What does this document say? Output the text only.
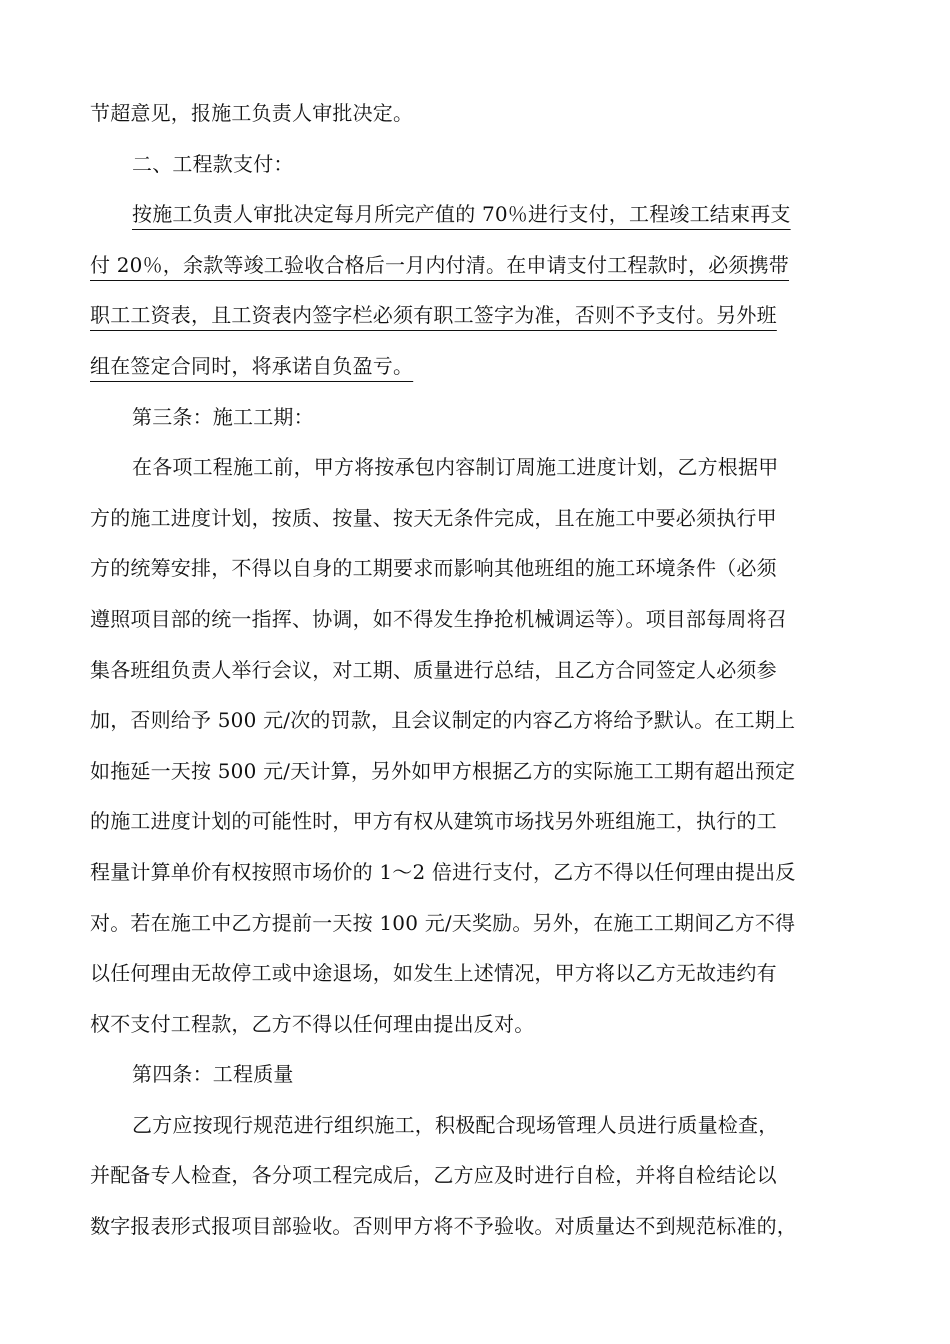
节超意见，报施工负责人审批决定。
二、工程款支付：
按施工负责人审批决定每月所完产值的 70％进行支付，工程竣工结束再支
付 20％，余款等竣工验收合格后一月内付清。在申请支付工程款时，必须携带
职工工资表，且工资表内签字栏必须有职工签字为准，否则不予支付。另外班
组在签定合同时，将承诺自负盈亏。
第三条：施工工期：
在各项工程施工前，甲方将按承包内容制订周施工进度计划，乙方根据甲
方的施工进度计划，按质、按量、按天无条件完成，且在施工中要必须执行甲
方的统筹安排，不得以自身的工期要求而影响其他班组的施工环境条件（必须
遵照项目部的统一指挥、协调，如不得发生挣抢机械调运等）。项目部每周将召
集各班组负责人举行会议，对工期、质量进行总结，且乙方合同签定人必须参
加，否则给予 500 元/次的罚款，且会议制定的内容乙方将给予默认。在工期上
如拖延一天按 500 元/天计算，另外如甲方根据乙方的实际施工工期有超出预定
的施工进度计划的可能性时，甲方有权从建筑市场找另外班组施工，执行的工
程量计算单价有权按照市场价的 1～2 倍进行支付，乙方不得以任何理由提出反
对。若在施工中乙方提前一天按 100 元/天奖励。另外，在施工工期间乙方不得
以任何理由无故停工或中途退场，如发生上述情况，甲方将以乙方无故违约有
权不支付工程款，乙方不得以任何理由提出反对。
第四条：工程质量
乙方应按现行规范进行组织施工，积极配合现场管理人员进行质量检查，
并配备专人检查，各分项工程完成后，乙方应及时进行自检，并将自检结论以
数字报表形式报项目部验收。否则甲方将不予验收。对质量达不到规范标准的，
